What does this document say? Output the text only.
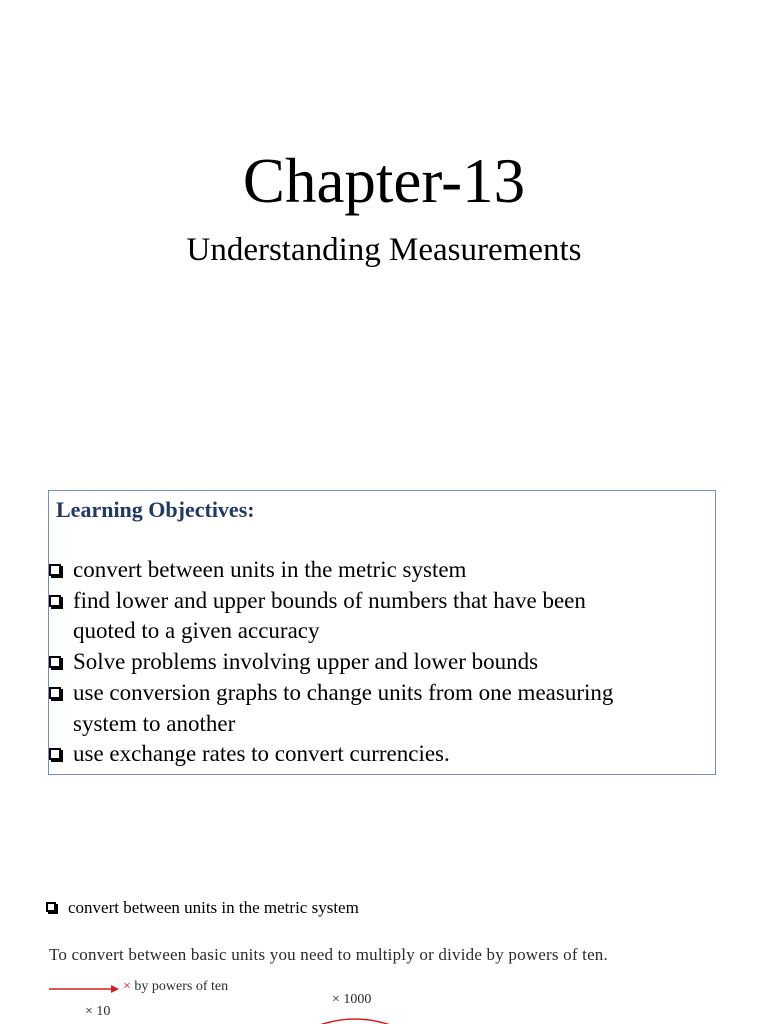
Chapter-13
Understanding Measurements
Learning Objectives:
convert between units in the metric system
find lower and upper bounds of numbers that have been
quoted to a given accuracy
Solve problems involving upper and lower bounds
use conversion graphs to change units from one measuring
system to another
use exchange rates to convert currencies.
convert between units in the metric system
To convert between basic units you need to multiply or divide by powers of ten.
× by powers of ten
× 10
× 1000
